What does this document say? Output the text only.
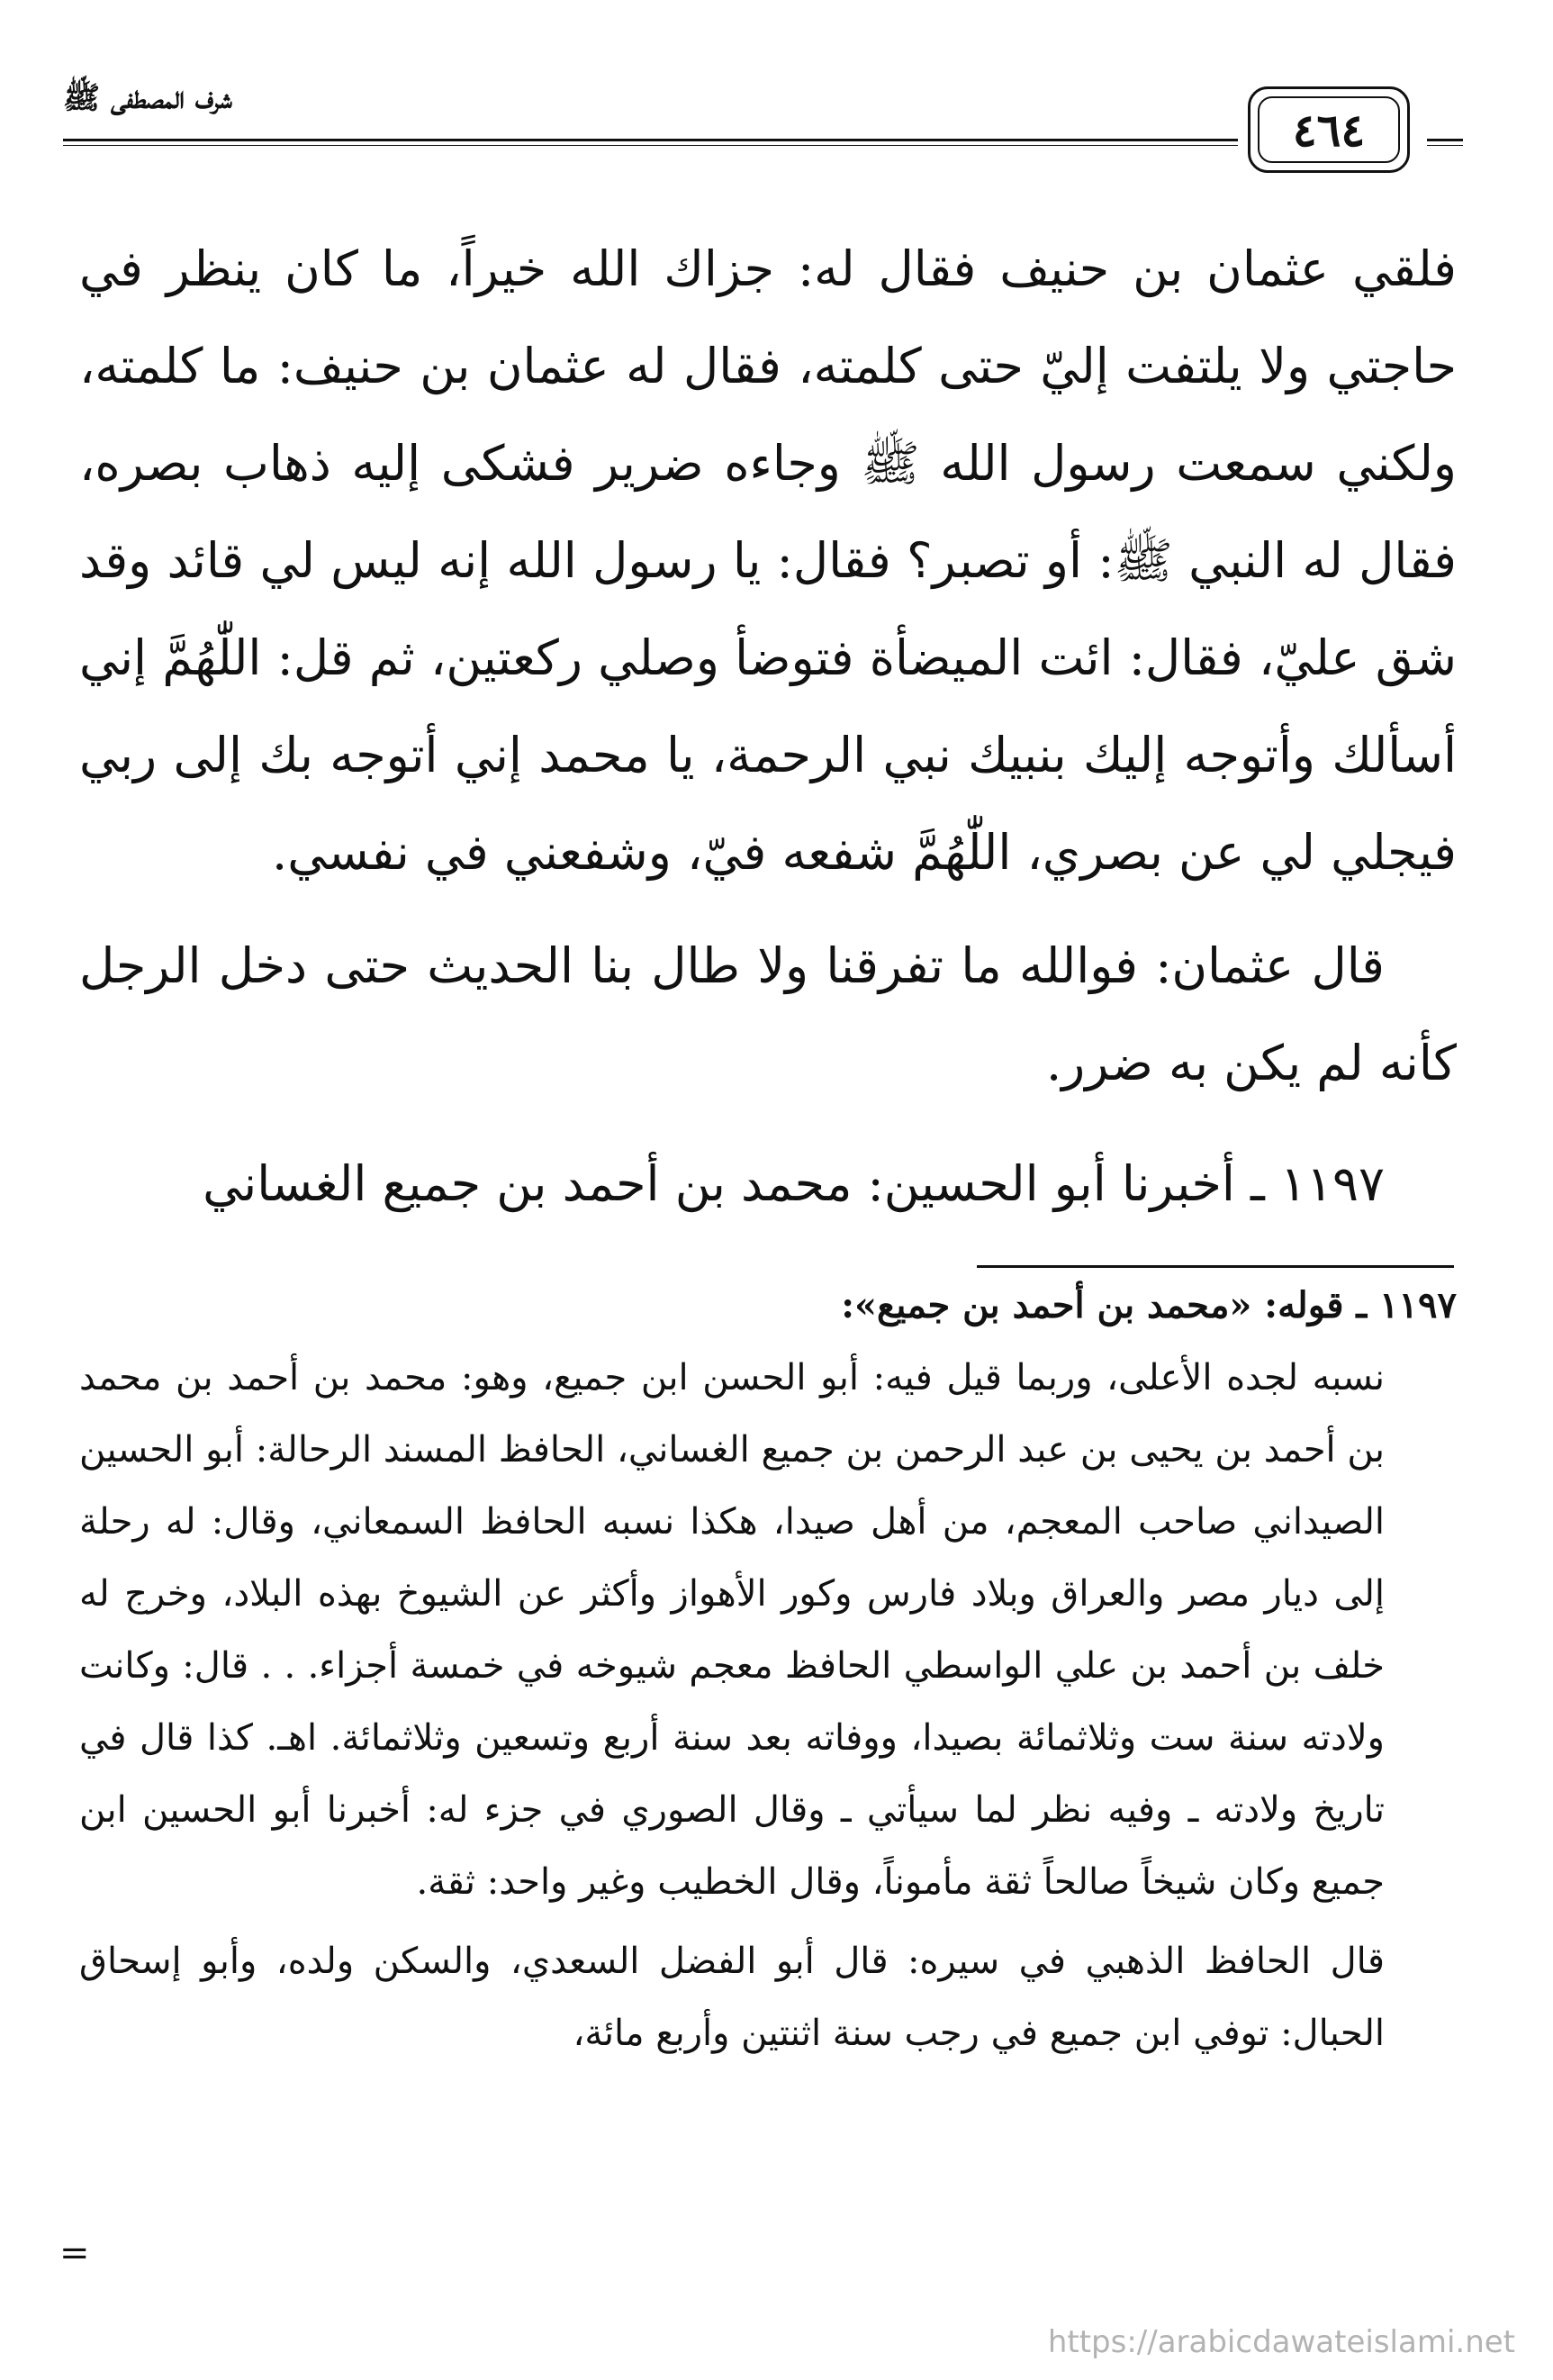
شرف المصطفى ﷺ
٤٦٤

فلقي عثمان بن حنيف فقال له: جزاك الله خيراً، ما كان ينظر في حاجتي ولا يلتفت إليّ حتى كلمته، فقال له عثمان بن حنيف: ما كلمته، ولكني سمعت رسول الله ﷺ وجاءه ضرير فشكى إليه ذهاب بصره، فقال له النبي ﷺ: أو تصبر؟ فقال: يا رسول الله إنه ليس لي قائد وقد شق عليّ، فقال: ائت الميضأة فتوضأ وصلي ركعتين، ثم قل: اللّٰهُمَّ إني أسألك وأتوجه إليك بنبيك نبي الرحمة، يا محمد إني أتوجه بك إلى ربي فيجلي لي عن بصري، اللّٰهُمَّ شفعه فيّ، وشفعني في نفسي.

قال عثمان: فوالله ما تفرقنا ولا طال بنا الحديث حتى دخل الرجل كأنه لم يكن به ضرر.

١١٩٧ ـ أخبرنا أبو الحسين: محمد بن أحمد بن جميع الغساني

١١٩٧ ـ قوله: «محمد بن أحمد بن جميع»:

نسبه لجده الأعلى، وربما قيل فيه: أبو الحسن ابن جميع، وهو: محمد بن أحمد بن محمد بن أحمد بن يحيى بن عبد الرحمن بن جميع الغساني، الحافظ المسند الرحالة: أبو الحسين الصيداني صاحب المعجم، من أهل صيدا، هكذا نسبه الحافظ السمعاني، وقال: له رحلة إلى ديار مصر والعراق وبلاد فارس وكور الأهواز وأكثر عن الشيوخ بهذه البلاد، وخرج له خلف بن أحمد بن علي الواسطي الحافظ معجم شيوخه في خمسة أجزاء. . . قال: وكانت ولادته سنة ست وثلاثمائة بصيدا، ووفاته بعد سنة أربع وتسعين وثلاثمائة. اهـ. كذا قال في تاريخ ولادته ـ وفيه نظر لما سيأتي ـ وقال الصوري في جزء له: أخبرنا أبو الحسين ابن جميع وكان شيخاً صالحاً ثقة مأموناً، وقال الخطيب وغير واحد: ثقة.

قال الحافظ الذهبي في سيره: قال أبو الفضل السعدي، والسكن ولده، وأبو إسحاق الحبال: توفي ابن جميع في رجب سنة اثنتين وأربع مائة،

=
https://arabicdawateislami.net
